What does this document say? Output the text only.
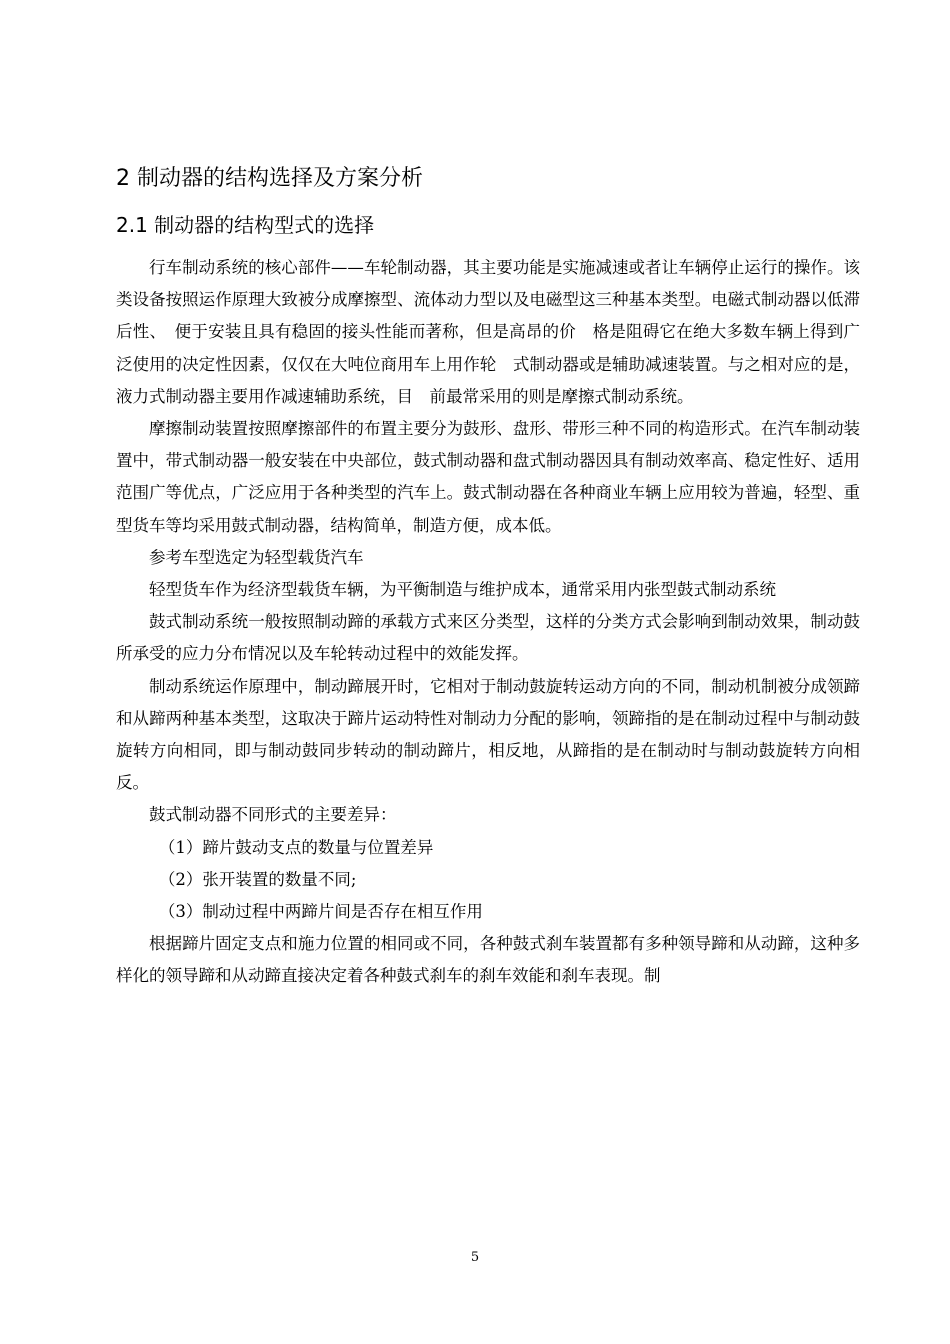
2 制动器的结构选择及方案分析
2.1 制动器的结构型式的选择

行车制动系统的核心部件——车轮制动器，其主要功能是实施减速或者让车辆停止运行的操作。该类设备按照运作原理大致被分成摩擦型、流体动力型以及电磁型这三种基本类型。电磁式制动器以低滞后性、　便于安装且具有稳固的接头性能而著称，但是高昂的价　格是阻碍它在绝大多数车辆上得到广泛使用的决定性因素，仅仅在大吨位商用车上用作轮　式制动器或是辅助减速装置。与之相对应的是，液力式制动器主要用作减速辅助系统，目　前最常采用的则是摩擦式制动系统。

摩擦制动装置按照摩擦部件的布置主要分为鼓形、盘形、带形三种不同的构造形式。在汽车制动装置中，带式制动器一般安装在中央部位，鼓式制动器和盘式制动器因具有制动效率高、稳定性好、适用范围广等优点，广泛应用于各种类型的汽车上。鼓式制动器在各种商业车辆上应用较为普遍，轻型、重型货车等均采用鼓式制动器，结构简单，制造方便，成本低。

参考车型选定为轻型载货汽车

轻型货车作为经济型载货车辆，为平衡制造与维护成本，通常采用内张型鼓式制动系统

鼓式制动系统一般按照制动蹄的承载方式来区分类型，这样的分类方式会影响到制动效果，制动鼓所承受的应力分布情况以及车轮转动过程中的效能发挥。

制动系统运作原理中，制动蹄展开时，它相对于制动鼓旋转运动方向的不同，制动机制被分成领蹄和从蹄两种基本类型，这取决于蹄片运动特性对制动力分配的影响，领蹄指的是在制动过程中与制动鼓旋转方向相同，即与制动鼓同步转动的制动蹄片，相反地，从蹄指的是在制动时与制动鼓旋转方向相反。

鼓式制动器不同形式的主要差异：

（1）蹄片鼓动支点的数量与位置差异

（2）张开装置的数量不同;

（3）制动过程中两蹄片间是否存在相互作用

根据蹄片固定支点和施力位置的相同或不同，各种鼓式刹车装置都有多种领导蹄和从动蹄，这种多样化的领导蹄和从动蹄直接决定着各种鼓式刹车的刹车效能和刹车表现。制

5
